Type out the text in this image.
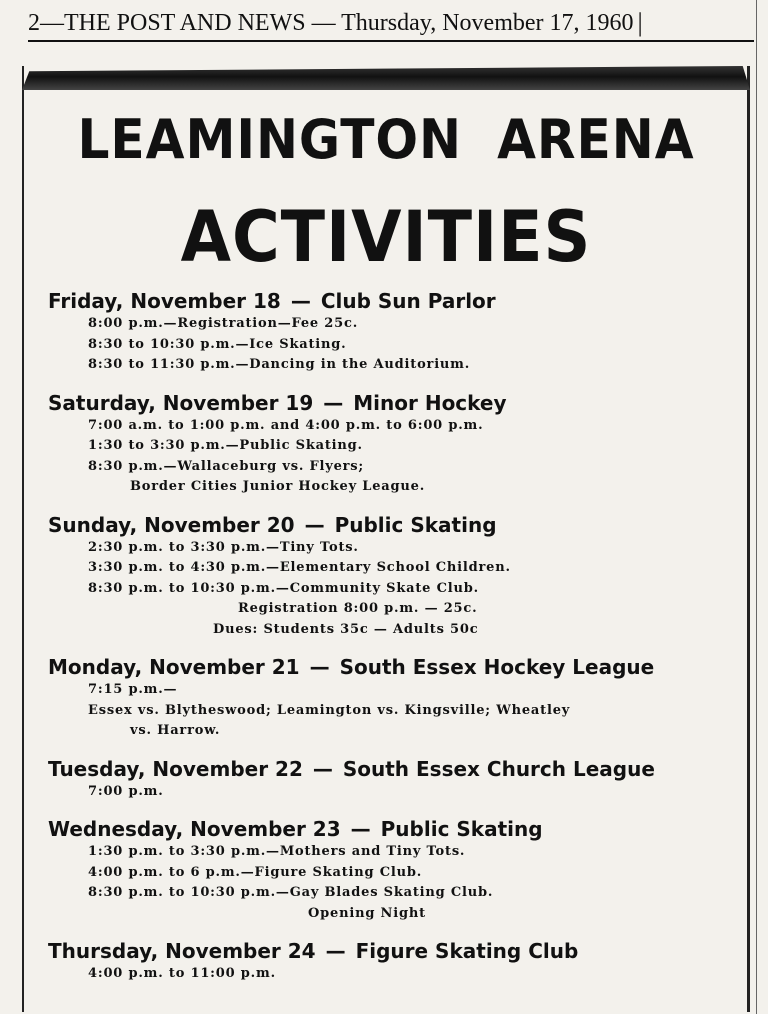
2—THE POST AND NEWS — Thursday, November 17, 1960 |
LEAMINGTON ARENA
ACTIVITIES
Friday, November 18 — Club Sun Parlor
8:00 p.m.—Registration—Fee 25c.
8:30 to 10:30 p.m.—Ice Skating.
8:30 to 11:30 p.m.—Dancing in the Auditorium.
Saturday, November 19 — Minor Hockey
7:00 a.m. to 1:00 p.m. and 4:00 p.m. to 6:00 p.m.
1:30 to 3:30 p.m.—Public Skating.
8:30 p.m.—Wallaceburg vs. Flyers;
Border Cities Junior Hockey League.
Sunday, November 20 — Public Skating
2:30 p.m. to 3:30 p.m.—Tiny Tots.
3:30 p.m. to 4:30 p.m.—Elementary School Children.
8:30 p.m. to 10:30 p.m.—Community Skate Club.
Registration 8:00 p.m. — 25c.
Dues: Students 35c — Adults 50c
Monday, November 21 — South Essex Hockey League
7:15 p.m.—
Essex vs. Blytheswood; Leamington vs. Kingsville; Wheatley
vs. Harrow.
Tuesday, November 22 — South Essex Church League
7:00 p.m.
Wednesday, November 23 — Public Skating
1:30 p.m. to 3:30 p.m.—Mothers and Tiny Tots.
4:00 p.m. to 6 p.m.—Figure Skating Club.
8:30 p.m. to 10:30 p.m.—Gay Blades Skating Club.
Opening Night
Thursday, November 24 — Figure Skating Club
4:00 p.m. to 11:00 p.m.
